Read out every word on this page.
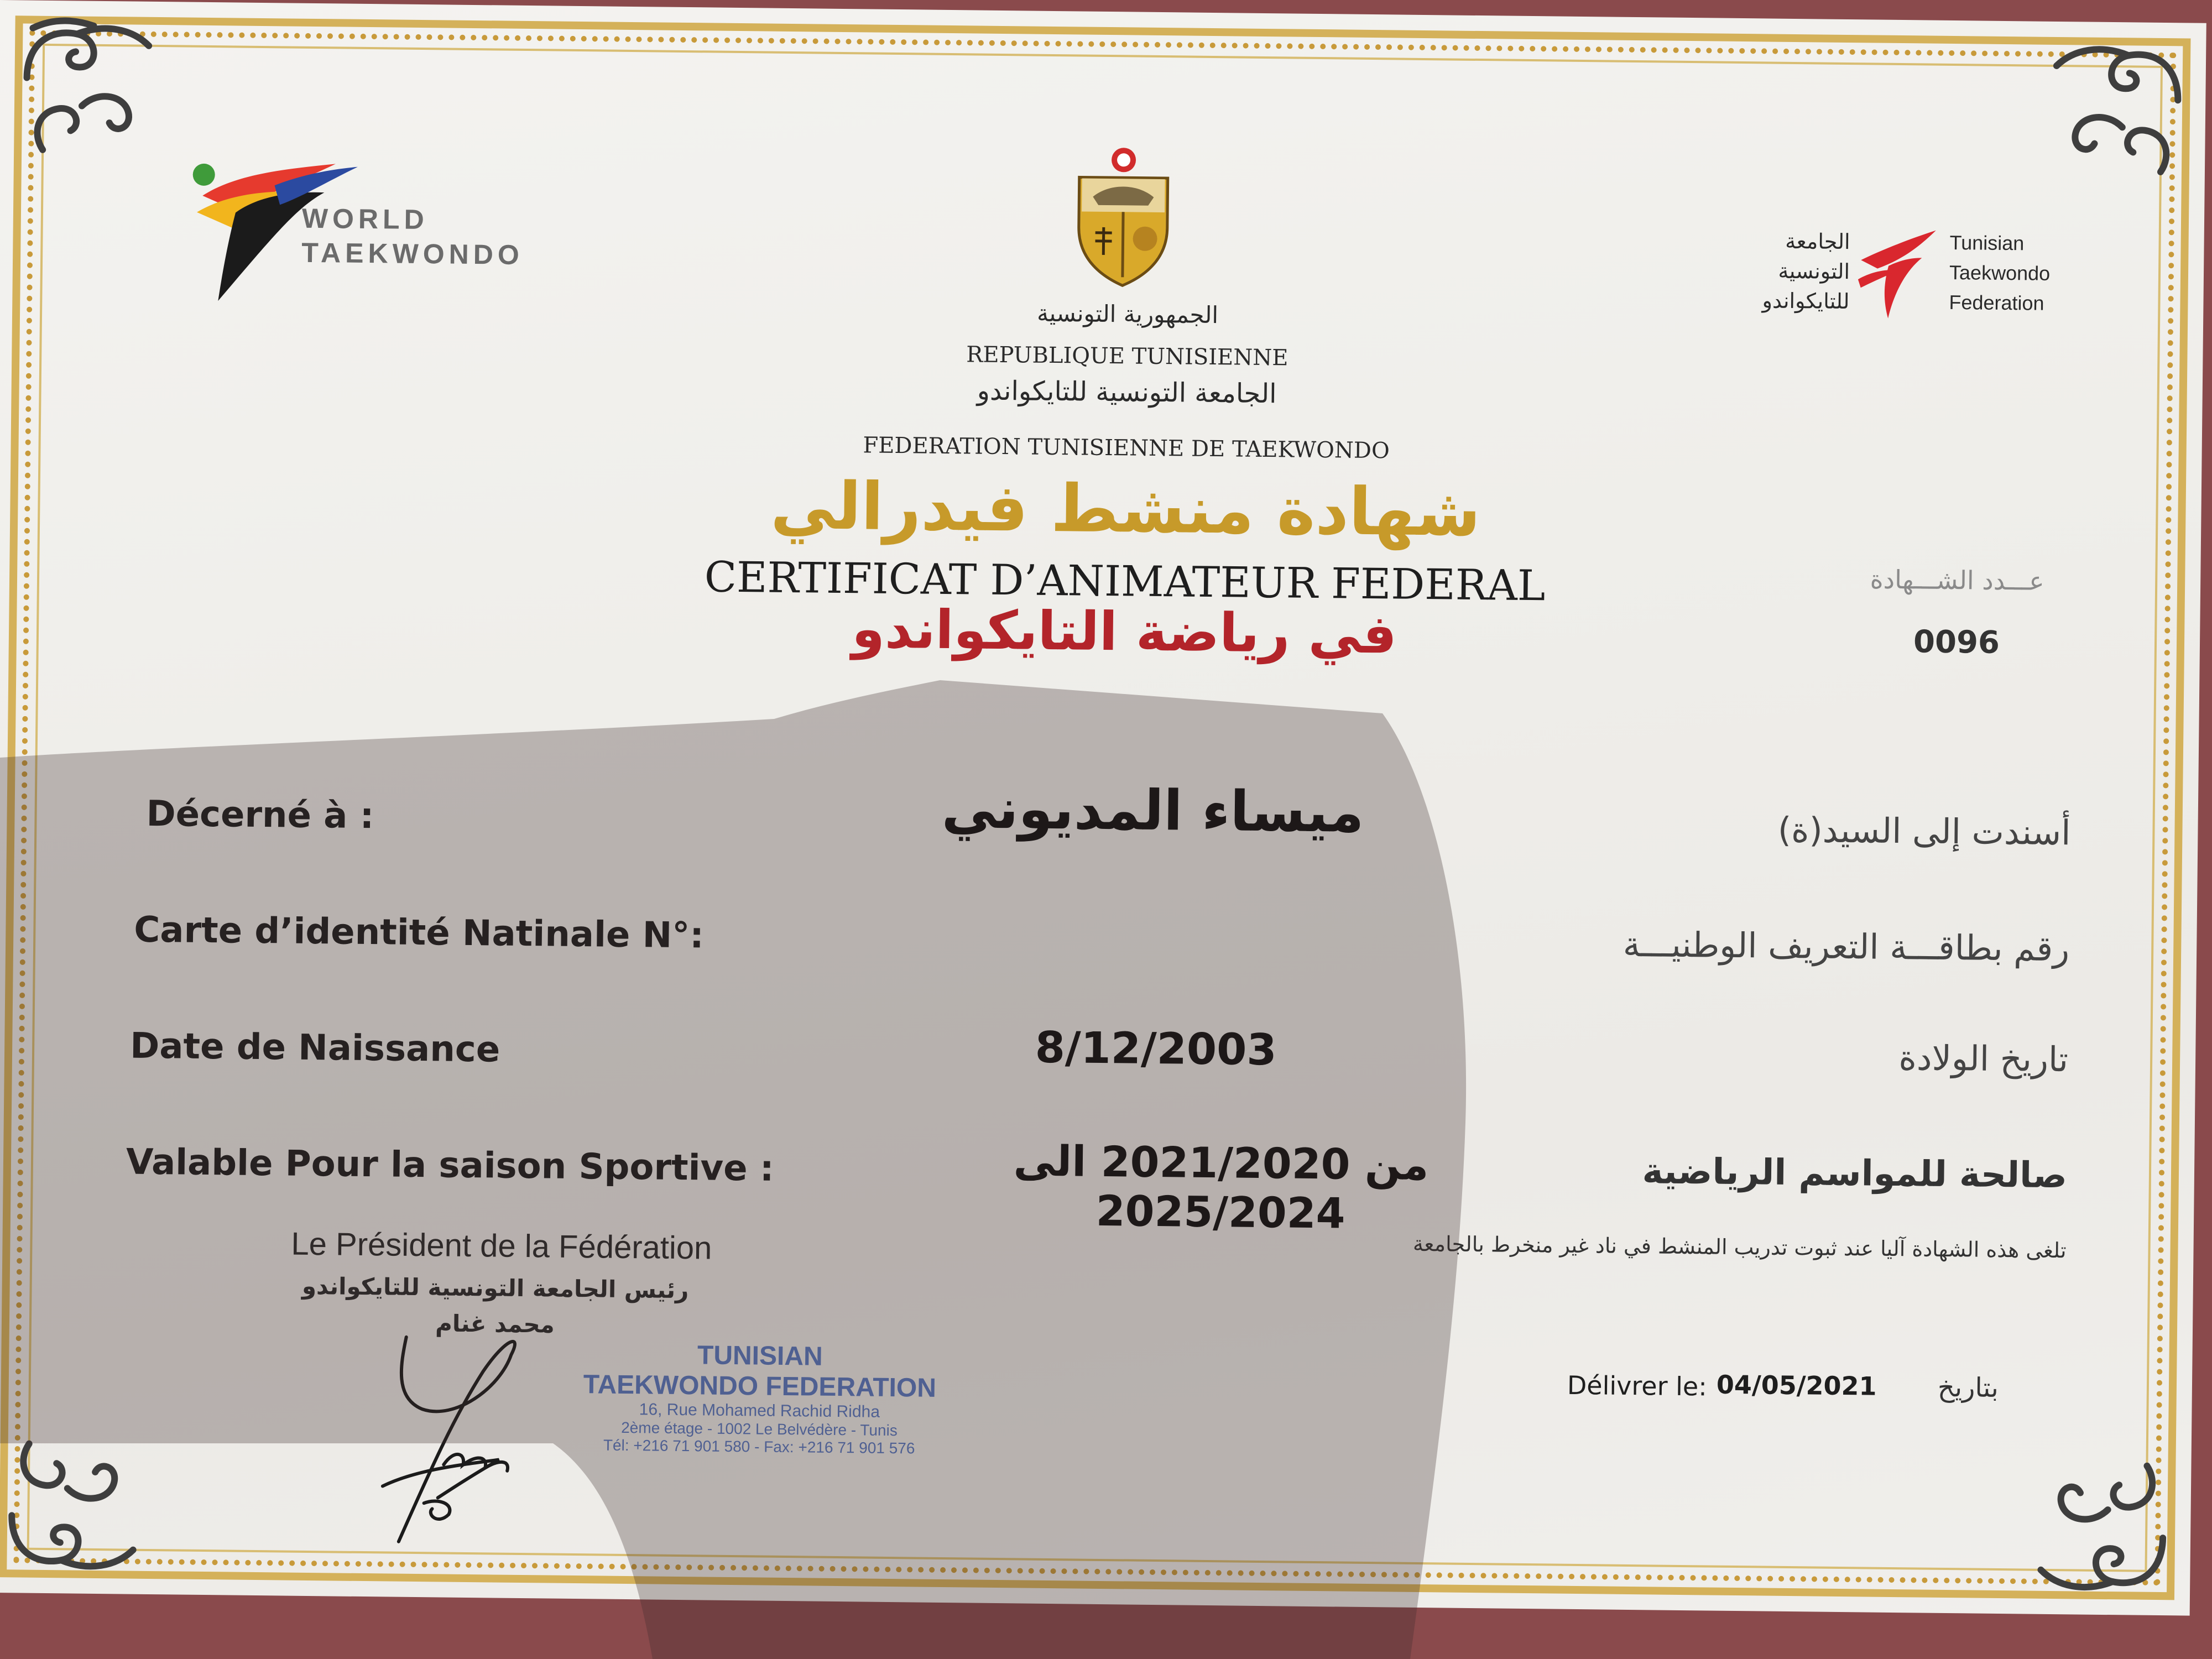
WORLD
TAEKWONDO	الجامعة
التونسية
للتايكواندو
Tunisian
Taekwondo
Federation
الجمهورية التونسية
REPUBLIQUE TUNISIENNE
الجامعة التونسية للتايكواندو
FEDERATION TUNISIENNE DE TAEKWONDO
شهادة منشط فيدرالي
CERTIFICAT D’ANIMATEUR FEDERAL
في رياضة التايكواندو
عـــدد الشـــهادة
0096
Décerné à :	ميساء المديوني	أسندت إلى السيد(ة)
Carte d’identité Natinale N°:	رقم بطاقـــة التعريف الوطنيـــة
Date de Naissance	8/12/2003	تاريخ الولادة
Valable Pour la saison Sportive :	من 2021/2020 الى 2025/2024
صالحة للمواسم الرياضية
تلغى هذه الشهادة آليا عند ثبوت تدريب المنشط في ناد غير منخرط بالجامعة
Le Président de la Fédération
رئيس الجامعة التونسية للتايكواندو
محمد غنام
TUNISIAN
TAEKWONDO FEDERATION
16, Rue Mohamed Rachid Ridha
2ème étage - 1002 Le Belvédère - Tunis
Tél: +216 71 901 580 - Fax: +216 71 901 576
Délivrer le: 04/05/2021 بتاريخ
